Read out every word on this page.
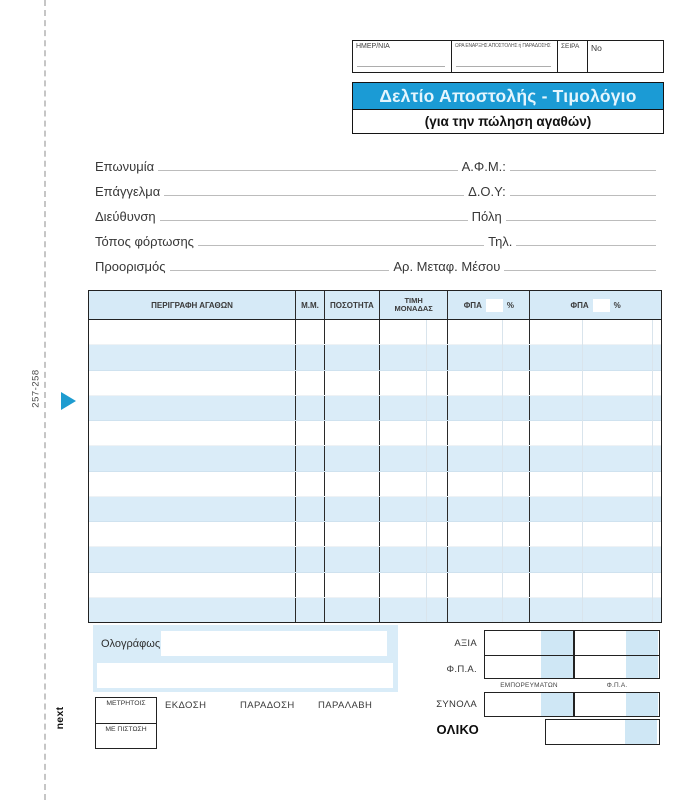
257-258
next
ΗΜΕΡ/ΝΙΑ	ΩΡΑ ΕΝΑΡΞΗΣ ΑΠΟΣΤΟΛΗΣ ή ΠΑΡΑΔΟΣΗΣ	ΣΕΙΡΑ	No
Δελτίο Αποστολής - Τιμολόγιο
(για την πώληση αγαθών)
Επωνυμία	Α.Φ.Μ.:
Επάγγελμα	Δ.Ο.Υ:
Διεύθυνση	Πόλη
Τόπος φόρτωσης	Τηλ.
Προορισμός	Αρ. Μεταφ. Μέσου
ΠΕΡΙΓΡΑΦΗ ΑΓΑΘΩΝ	Μ.Μ.	ΠΟΣΟΤΗΤΑ	ΤΙΜΗ
ΜΟΝΑΔΑΣ	ΦΠΑ	%	ΦΠΑ	%
Ολογράφως	ΑΞΙΑ
Φ.Π.Α.
ΕΜΠΟΡΕΥΜΑΤΩΝ	Φ.Π.Α.
ΣΥΝΟΛΑ
ΟΛΙΚΟ
ΜΕΤΡΗΤΟΙΣ
ΜΕ ΠΙΣΤΩΣΗ
ΕΚΔΟΣΗ	ΠΑΡΑΔΟΣΗ ΠΑΡΑΛΑΒΗ
